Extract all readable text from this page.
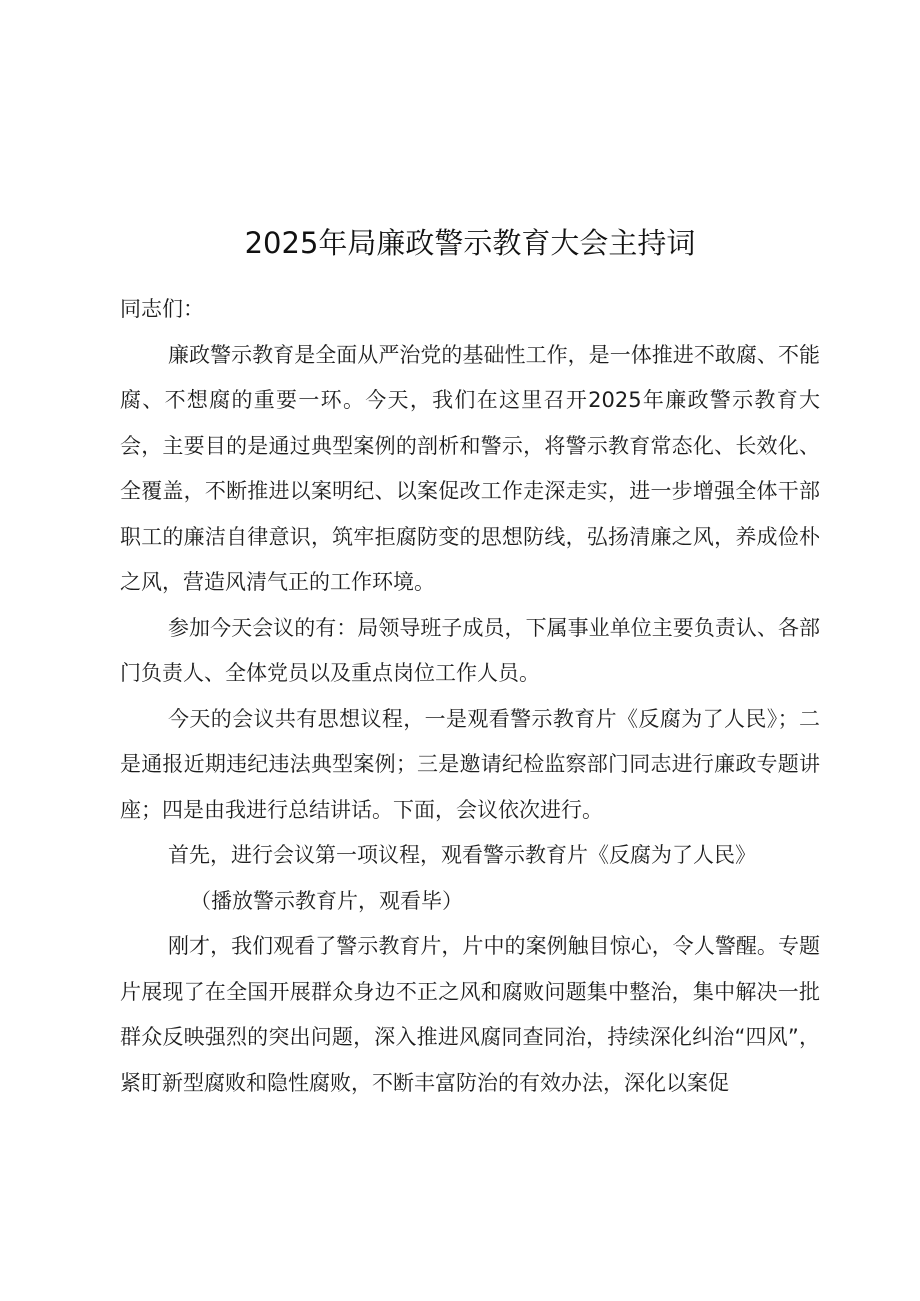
2025年局廉政警示教育大会主持词

同志们：

廉政警示教育是全面从严治党的基础性工作，是一体推进不敢腐、不能腐、不想腐的重要一环。今天，我们在这里召开2025年廉政警示教育大会，主要目的是通过典型案例的剖析和警示，将警示教育常态化、长效化、全覆盖，不断推进以案明纪、以案促改工作走深走实，进一步增强全体干部职工的廉洁自律意识，筑牢拒腐防变的思想防线，弘扬清廉之风，养成俭朴之风，营造风清气正的工作环境。

参加今天会议的有：局领导班子成员，下属事业单位主要负责认、各部门负责人、全体党员以及重点岗位工作人员。

今天的会议共有思想议程，一是观看警示教育片《反腐为了人民》；二是通报近期违纪违法典型案例；三是邀请纪检监察部门同志进行廉政专题讲座；四是由我进行总结讲话。下面，会议依次进行。

首先，进行会议第一项议程，观看警示教育片《反腐为了人民》

（播放警示教育片，观看毕）

刚才，我们观看了警示教育片，片中的案例触目惊心，令人警醒。专题片展现了在全国开展群众身边不正之风和腐败问题集中整治，集中解决一批群众反映强烈的突出问题，深入推进风腐同查同治，持续深化纠治“四风”，紧盯新型腐败和隐性腐败，不断丰富防治的有效办法，深化以案促
